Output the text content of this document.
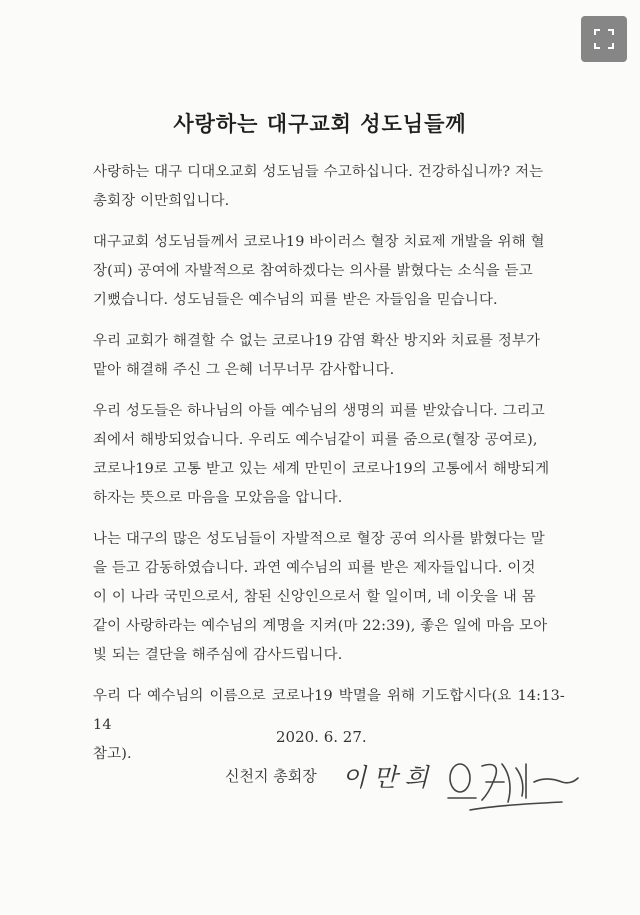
사랑하는 대구교회 성도님들께

사랑하는 대구 디대오교회 성도님들 수고하십니다. 건강하십니까? 저는
총회장 이만희입니다.

대구교회 성도님들께서 코로나19 바이러스 혈장 치료제 개발을 위해 혈
장(피) 공여에 자발적으로 참여하겠다는 의사를 밝혔다는 소식을 듣고
기뻤습니다. 성도님들은 예수님의 피를 받은 자들임을 믿습니다.

우리 교회가 해결할 수 없는 코로나19 감염 확산 방지와 치료를 정부가
맡아 해결해 주신 그 은혜 너무너무 감사합니다.

우리 성도들은 하나님의 아들 예수님의 생명의 피를 받았습니다. 그리고
죄에서 해방되었습니다. 우리도 예수님같이 피를 줌으로(혈장 공여로),
코로나19로 고통 받고 있는 세계 만민이 코로나19의 고통에서 해방되게
하자는 뜻으로 마음을 모았음을 압니다.

나는 대구의 많은 성도님들이 자발적으로 혈장 공여 의사를 밝혔다는 말
을 듣고 감동하였습니다. 과연 예수님의 피를 받은 제자들입니다. 이것
이 이 나라 국민으로서, 참된 신앙인으로서 할 일이며, 네 이웃을 내 몸
같이 사랑하라는 예수님의 계명을 지켜(마 22:39), 좋은 일에 마음 모아
빛 되는 결단을 해주심에 감사드립니다.

우리 다 예수님의 이름으로 코로나19 박멸을 위해 기도합시다(요 14:13-14
참고).

2020. 6. 27.
신천지 총회장 이만희
